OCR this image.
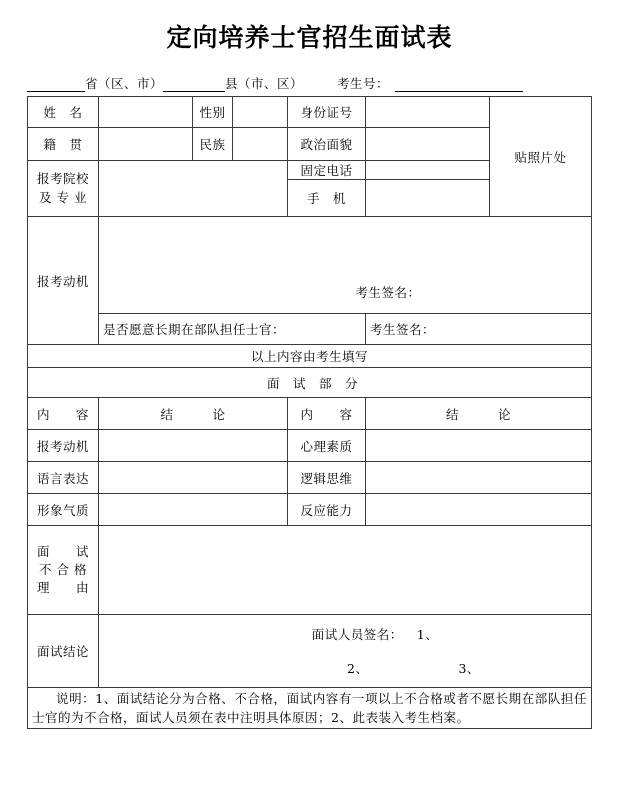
定向培养士官招生面试表
省（区、市）	县（市、区）	考生号：
姓　名		性别		身份证号		贴照片处
籍　贯		民族		政治面貌		

报考院校
及 专 业				固定电话		
				手　机		
报考动机	考生签名：					

	是否愿意长期在部队担任士官：				考生签名：	
以上内容由考生填写						
面　试　部　分						
内　　容	结　　　论			内　　容	结　　　论	
报考动机				心理素质		
语言表达				逻辑思维		
形象气质				反应能力		

面　　试
不 合 格
理　　由						

面试结论	面试人员签名： 1、
2、 3、					

说明：1、面试结论分为合格、不合格，面试内容有一项以上不合格或者不愿长期在部队担任士官的为不合格，面试人员须在表中注明具体原因；2、此表装入考生档案。						
